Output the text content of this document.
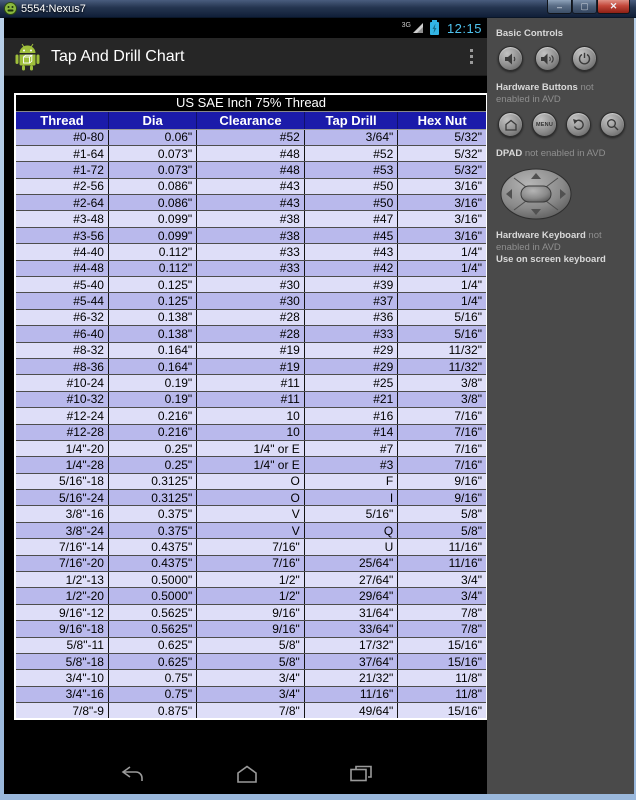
5554:Nexus7	–	▢	✕
3G	12:15
Tap And Drill Chart
US SAE Inch 75% Thread				
Thread	Dia	Clearance	Tap Drill	Hex Nut
#0-80	0.06"	#52	3/64"	5/32"
#1-64	0.073"	#48	#52	5/32"
#1-72	0.073"	#48	#53	5/32"
#2-56	0.086"	#43	#50	3/16"
#2-64	0.086"	#43	#50	3/16"
#3-48	0.099"	#38	#47	3/16"
#3-56	0.099"	#38	#45	3/16"
#4-40	0.112"	#33	#43	1/4"
#4-48	0.112"	#33	#42	1/4"
#5-40	0.125"	#30	#39	1/4"
#5-44	0.125"	#30	#37	1/4"
#6-32	0.138"	#28	#36	5/16"
#6-40	0.138"	#28	#33	5/16"
#8-32	0.164"	#19	#29	11/32"
#8-36	0.164"	#19	#29	11/32"
#10-24	0.19"	#11	#25	3/8"
#10-32	0.19"	#11	#21	3/8"
#12-24	0.216"	10	#16	7/16"
#12-28	0.216"	10	#14	7/16"
1/4"-20	0.25"	1/4" or E	#7	7/16"
1/4"-28	0.25"	1/4" or E	#3	7/16"
5/16"-18	0.3125"	O	F	9/16"
5/16"-24	0.3125"	O	I	9/16"
3/8"-16	0.375"	V	5/16"	5/8"
3/8"-24	0.375"	V	Q	5/8"
7/16"-14	0.4375"	7/16"	U	11/16"
7/16"-20	0.4375"	7/16"	25/64"	11/16"
1/2"-13	0.5000"	1/2"	27/64"	3/4"
1/2"-20	0.5000"	1/2"	29/64"	3/4"
9/16"-12	0.5625"	9/16"	31/64"	7/8"
9/16"-18	0.5625"	9/16"	33/64"	7/8"
5/8"-11	0.625"	5/8"	17/32"	15/16"
5/8"-18	0.625"	5/8"	37/64"	15/16"
3/4"-10	0.75"	3/4"	21/32"	11/8"
3/4"-16	0.75"	3/4"	11/16"	11/8"
7/8"-9	0.875"	7/8"	49/64"	15/16"
Basic Controls
Hardware Buttons not enabled in AVD
MENU
DPAD not enabled in AVD
Hardware Keyboard not enabled in AVD
Use on screen keyboard
